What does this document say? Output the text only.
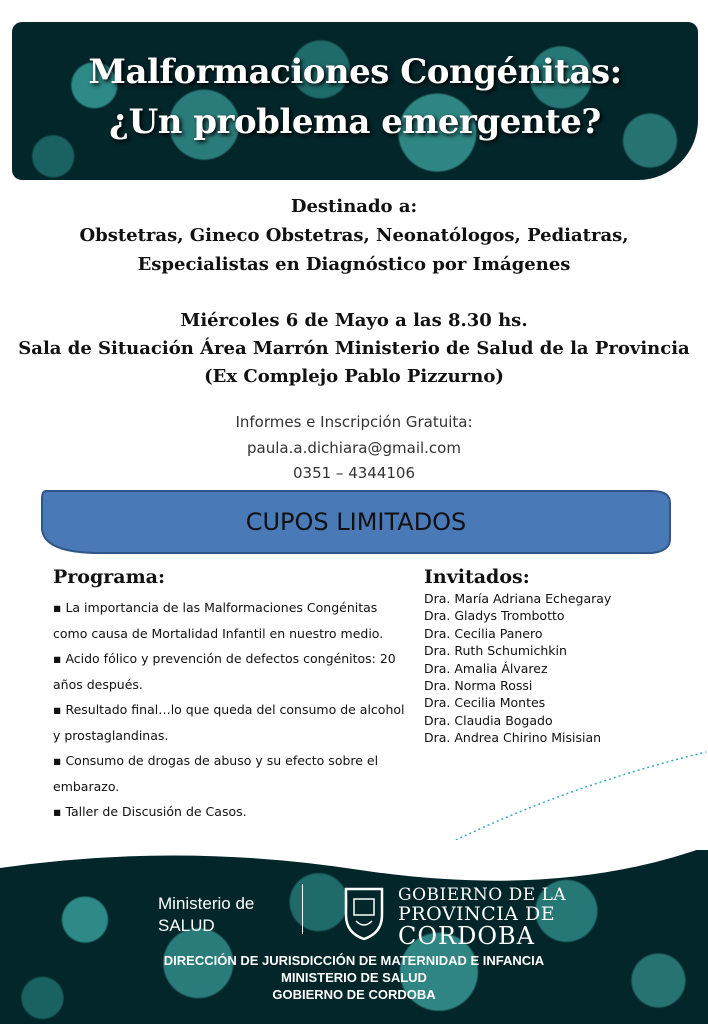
Malformaciones Congénitas:
¿Un problema emergente?
Destinado a:
Obstetras, Gineco Obstetras, Neonatólogos, Pediatras,
Especialistas en Diagnóstico por Imágenes
Miércoles 6 de Mayo a las 8.30 hs.
Sala de Situación Área Marrón Ministerio de Salud de la Provincia
(Ex Complejo Pablo Pizzurno)
Informes e Inscripción Gratuita:
paula.a.dichiara@gmail.com
0351 – 4344106
CUPOS LIMITADOS
Programa:

▪ La importancia de las Malformaciones Congénitas como causa de Mortalidad Infantil en nuestro medio.

▪ Acido fólico y prevención de defectos congénitos: 20 años después.

▪ Resultado final…lo que queda del consumo de alcohol y prostaglandinas.

▪ Consumo de drogas de abuso y su efecto sobre el embarazo.

▪ Taller de Discusión de Casos.

Invitados:
Dra. María Adriana Echegaray
Dra. Gladys Trombotto
Dra. Cecilia Panero
Dra. Ruth Schumichkin
Dra. Amalia Álvarez
Dra. Norma Rossi
Dra. Cecilia Montes
Dra. Claudia Bogado
Dra. Andrea Chirino Misisian
Ministerio de
SALUD
GOBIERNO DE LA
PROVINCIA DE
CORDOBA
DIRECCIÓN DE JURISDICCIÓN DE MATERNIDAD E INFANCIA
MINISTERIO DE SALUD
GOBIERNO DE CORDOBA
